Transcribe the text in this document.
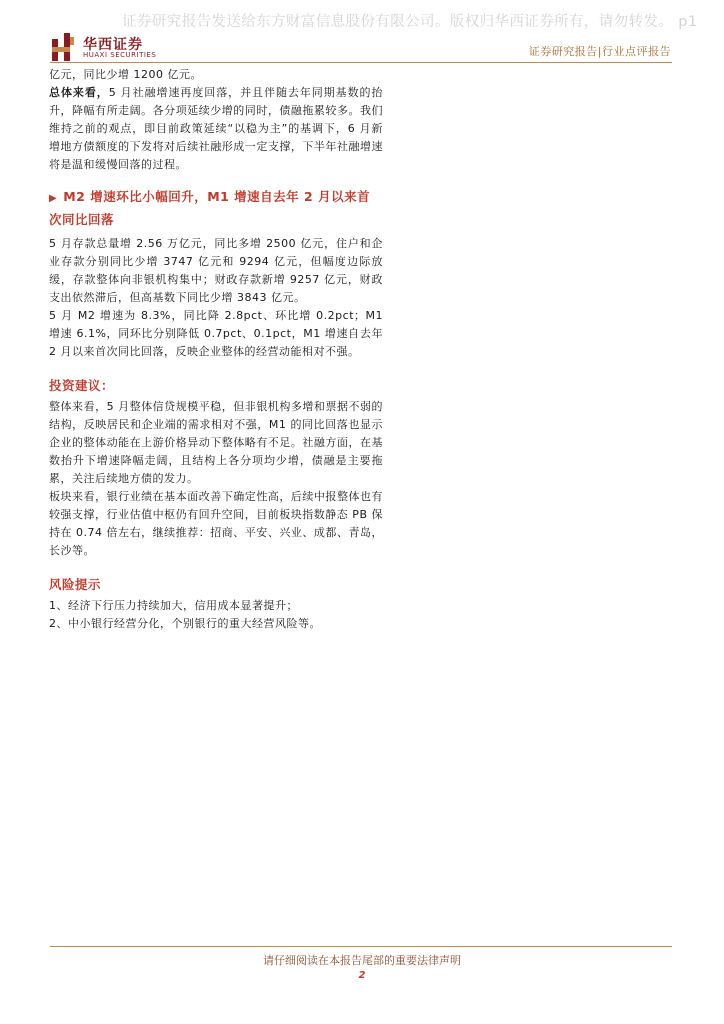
证券研究报告发送给东方财富信息股份有限公司。版权归华西证券所有，请勿转发。 p1
华西证券
HUAXI SECURITIES	证券研究报告|行业点评报告

亿元，同比少增 1200 亿元。

总体来看，5 月社融增速再度回落，并且伴随去年同期基数的抬升，降幅有所走阔。各分项延续少增的同时，债融拖累较多。我们维持之前的观点，即目前政策延续“以稳为主”的基调下，6 月新增地方债额度的下发将对后续社融形成一定支撑，下半年社融增速将是温和缓慢回落的过程。

▶ M2 增速环比小幅回升，M1 增速自去年 2 月以来首次同比回落

5 月存款总量增 2.56 万亿元，同比多增 2500 亿元，住户和企业存款分别同比少增 3747 亿元和 9294 亿元，但幅度边际放缓，存款整体向非银机构集中；财政存款新增 9257 亿元，财政支出依然滞后，但高基数下同比少增 3843 亿元。

5 月 M2 增速为 8.3%，同比降 2.8pct、环比增 0.2pct；M1 增速 6.1%，同环比分别降低 0.7pct、0.1pct，M1 增速自去年 2 月以来首次同比回落，反映企业整体的经营动能相对不强。

投资建议：

整体来看，5 月整体信贷规模平稳，但非银机构多增和票据不弱的结构，反映居民和企业端的需求相对不强，M1 的同比回落也显示企业的整体动能在上游价格异动下整体略有不足。社融方面，在基数抬升下增速降幅走阔，且结构上各分项均少增，债融是主要拖累，关注后续地方债的发力。

板块来看，银行业绩在基本面改善下确定性高，后续中报整体也有较强支撑，行业估值中枢仍有回升空间，目前板块指数静态 PB 保持在 0.74 倍左右，继续推荐：招商、平安、兴业、成都、青岛，长沙等。

风险提示

1、经济下行压力持续加大，信用成本显著提升；

2、中小银行经营分化，个别银行的重大经营风险等。

请仔细阅读在本报告尾部的重要法律声明
2
